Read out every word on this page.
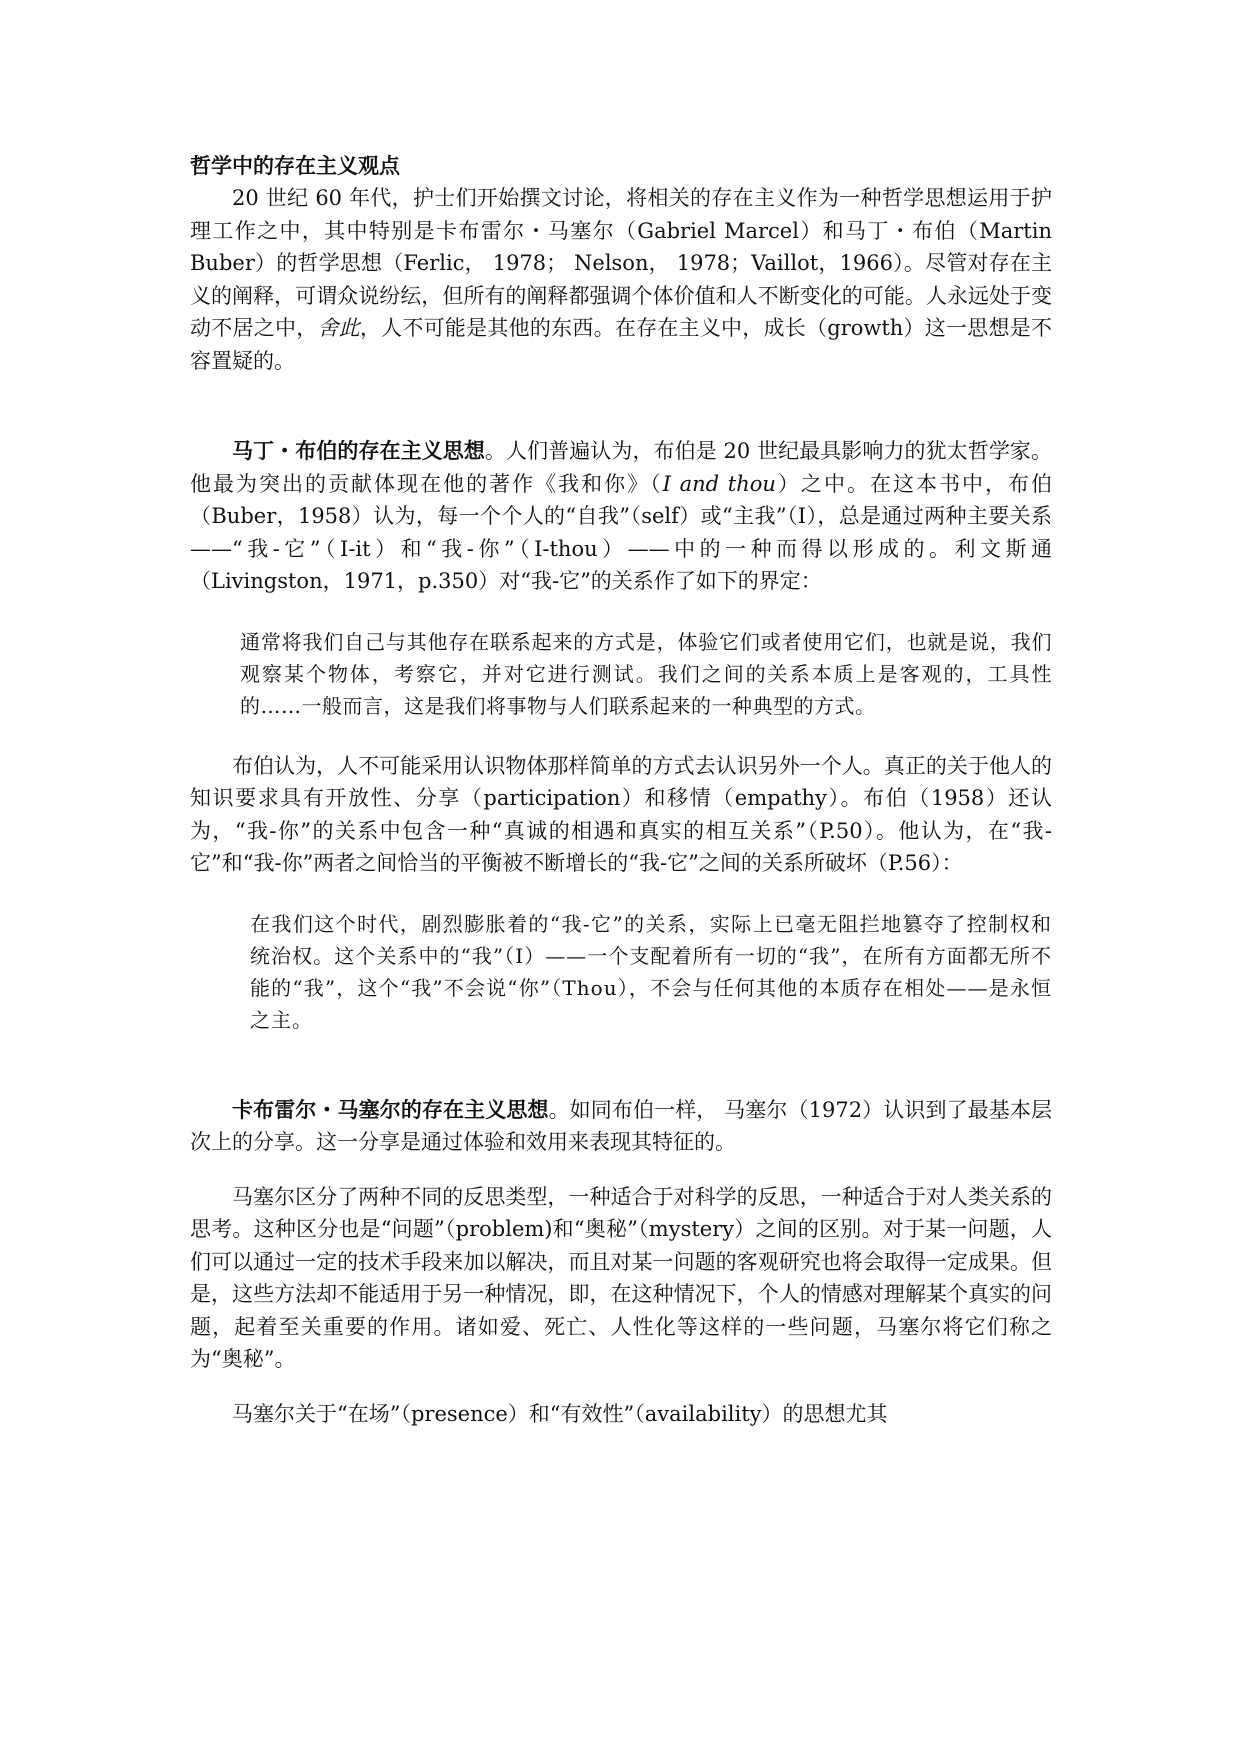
哲学中的存在主义观点

20 世纪 60 年代，护士们开始撰文讨论，将相关的存在主义作为一种哲学思想运用于护理工作之中，其中特别是卡布雷尔・马塞尔（Gabriel Marcel）和马丁・布伯（Martin Buber）的哲学思想（Ferlic， 1978； Nelson， 1978；Vaillot，1966）。尽管对存在主义的阐释，可谓众说纷纭，但所有的阐释都强调个体价值和人不断变化的可能。人永远处于变动不居之中，舍此，人不可能是其他的东西。在存在主义中，成长（growth）这一思想是不容置疑的。

马丁・布伯的存在主义思想。人们普遍认为，布伯是 20 世纪最具影响力的犹太哲学家。他最为突出的贡献体现在他的著作《我和你》（I and thou）之中。在这本书中，布伯（Buber，1958）认为，每一个个人的“自我”（self）或“主我”（I），总是通过两种主要关系——“我-它”（I-it）和“我-你”（I-thou）——中的一种而得以形成的。利文斯通（Livingston，1971，p.350）对“我-它”的关系作了如下的界定：

通常将我们自己与其他存在联系起来的方式是，体验它们或者使用它们，也就是说，我们观察某个物体，考察它，并对它进行测试。我们之间的关系本质上是客观的，工具性的……一般而言，这是我们将事物与人们联系起来的一种典型的方式。

布伯认为，人不可能采用认识物体那样简单的方式去认识另外一个人。真正的关于他人的知识要求具有开放性、分享（participation）和移情（empathy）。布伯（1958）还认为，“我-你”的关系中包含一种“真诚的相遇和真实的相互关系”（P.50）。他认为，在“我-它”和“我-你”两者之间恰当的平衡被不断增长的“我-它”之间的关系所破坏（P.56）：

在我们这个时代，剧烈膨胀着的“我-它”的关系，实际上已毫无阻拦地篡夺了控制权和统治权。这个关系中的“我”（I）——一个支配着所有一切的“我”，在所有方面都无所不能的“我”，这个“我”不会说“你”（Thou），不会与任何其他的本质存在相处——是永恒之主。

卡布雷尔・马塞尔的存在主义思想。如同布伯一样， 马塞尔（1972）认识到了最基本层次上的分享。这一分享是通过体验和效用来表现其特征的。

马塞尔区分了两种不同的反思类型，一种适合于对科学的反思，一种适合于对人类关系的思考。这种区分也是“问题”（problem)和“奥秘”（mystery）之间的区别。对于某一问题，人们可以通过一定的技术手段来加以解决，而且对某一问题的客观研究也将会取得一定成果。但是，这些方法却不能适用于另一种情况，即，在这种情况下，个人的情感对理解某个真实的问题，起着至关重要的作用。诸如爱、死亡、人性化等这样的一些问题，马塞尔将它们称之为“奥秘”。

马塞尔关于“在场”（presence）和“有效性”（availability）的思想尤其
